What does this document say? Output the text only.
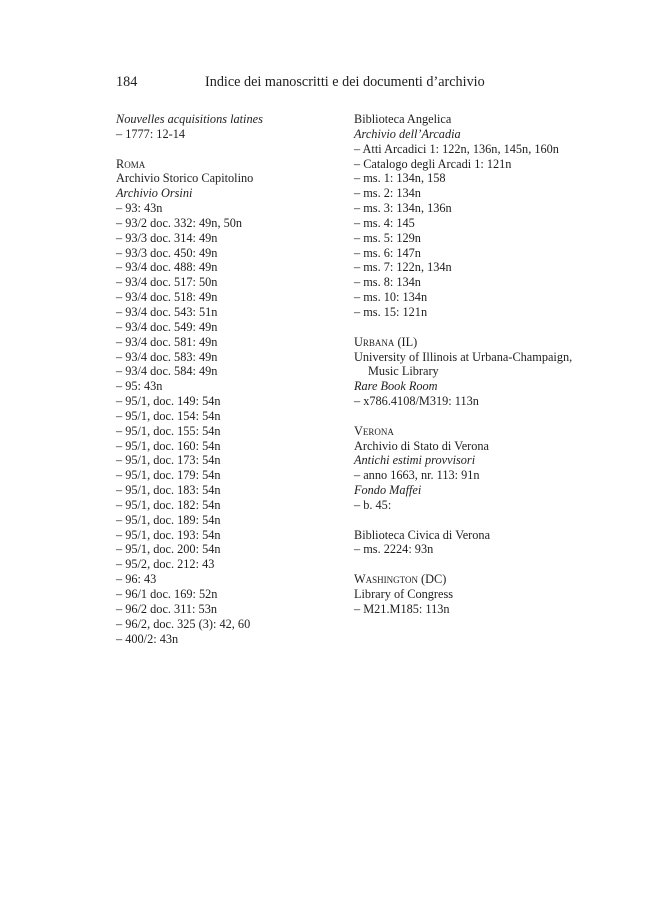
184	Indice dei manoscritti e dei documenti d’archivio
Nouvelles acquisitions latines
– 1777: 12-14
Roma
Archivio Storico Capitolino
Archivio Orsini
– 93: 43n
– 93/2 doc. 332: 49n, 50n
– 93/3 doc. 314: 49n
– 93/3 doc. 450: 49n
– 93/4 doc. 488: 49n
– 93/4 doc. 517: 50n
– 93/4 doc. 518: 49n
– 93/4 doc. 543: 51n
– 93/4 doc. 549: 49n
– 93/4 doc. 581: 49n
– 93/4 doc. 583: 49n
– 93/4 doc. 584: 49n
– 95: 43n
– 95/1, doc. 149: 54n
– 95/1, doc. 154: 54n
– 95/1, doc. 155: 54n
– 95/1, doc. 160: 54n
– 95/1, doc. 173: 54n
– 95/1, doc. 179: 54n
– 95/1, doc. 183: 54n
– 95/1, doc. 182: 54n
– 95/1, doc. 189: 54n
– 95/1, doc. 193: 54n
– 95/1, doc. 200: 54n
– 95/2, doc. 212: 43
– 96: 43
– 96/1 doc. 169: 52n
– 96/2 doc. 311: 53n
– 96/2, doc. 325 (3): 42, 60
– 400/2: 43n
Biblioteca Angelica
Archivio dell’Arcadia
– Atti Arcadici 1: 122n, 136n, 145n, 160n
– Catalogo degli Arcadi 1: 121n
– ms. 1: 134n, 158
– ms. 2: 134n
– ms. 3: 134n, 136n
– ms. 4: 145
– ms. 5: 129n
– ms. 6: 147n
– ms. 7: 122n, 134n
– ms. 8: 134n
– ms. 10: 134n
– ms. 15: 121n
Urbana (IL)
University of Illinois at Urbana-Champaign,
Music Library
Rare Book Room
– x786.4108/M319: 113n
Verona
Archivio di Stato di Verona
Antichi estimi provvisori
– anno 1663, nr. 113: 91n
Fondo Maffei
– b. 45:
Biblioteca Civica di Verona
– ms. 2224: 93n
Washington (DC)
Library of Congress
– M21.M185: 113n
